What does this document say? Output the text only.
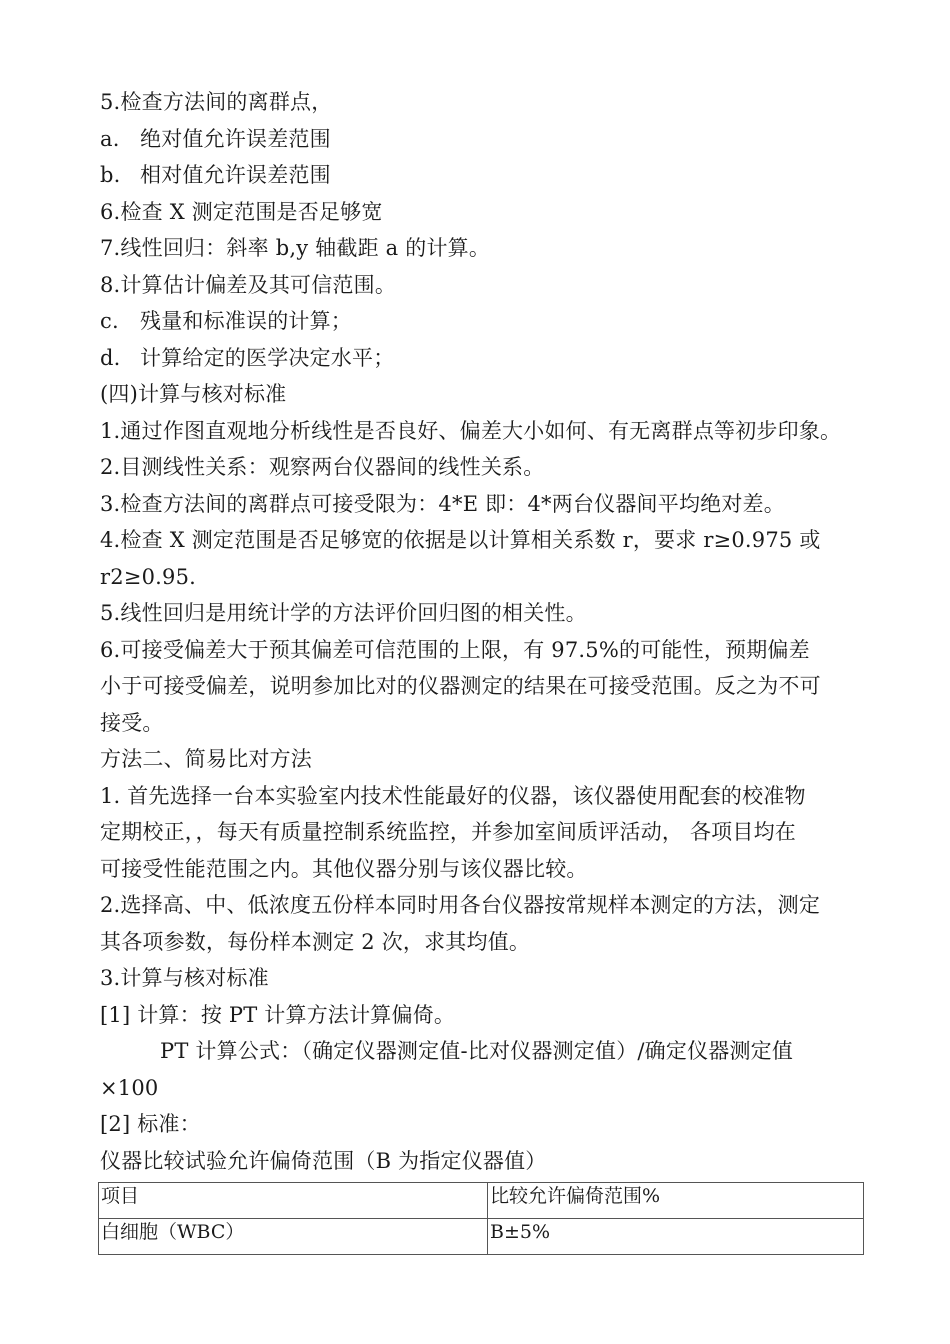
5.检查方法间的离群点，
a. 绝对值允许误差范围
b. 相对值允许误差范围
6.检查 X 测定范围是否足够宽
7.线性回归：斜率 b,y 轴截距 a 的计算。
8.计算估计偏差及其可信范围。
c. 残量和标准误的计算；
d. 计算给定的医学决定水平；
(四)计算与核对标准
1.通过作图直观地分析线性是否良好、偏差大小如何、有无离群点等初步印象。
2.目测线性关系：观察两台仪器间的线性关系。
3.检查方法间的离群点可接受限为：4*E 即：4*两台仪器间平均绝对差。
4.检查 X 测定范围是否足够宽的依据是以计算相关系数 r，要求 r≥0.975 或
r2≥0.95.
5.线性回归是用统计学的方法评价回归图的相关性。
6.可接受偏差大于预其偏差可信范围的上限，有 97.5%的可能性，预期偏差
小于可接受偏差，说明参加比对的仪器测定的结果在可接受范围。反之为不可
接受。
方法二、简易比对方法
1. 首先选择一台本实验室内技术性能最好的仪器，该仪器使用配套的校准物
定期校正，，每天有质量控制系统监控，并参加室间质评活动， 各项目均在
可接受性能范围之内。其他仪器分别与该仪器比较。
2.选择高、中、低浓度五份样本同时用各台仪器按常规样本测定的方法，测定
其各项参数，每份样本测定 2 次，求其均值。
3.计算与核对标准
[1] 计算：按 PT 计算方法计算偏倚。
PT 计算公式：（确定仪器测定值-比对仪器测定值）/确定仪器测定值
×100
[2] 标准：
仪器比较试验允许偏倚范围（B 为指定仪器值）
项目	比较允许偏倚范围%
白细胞（WBC）	B±5%
